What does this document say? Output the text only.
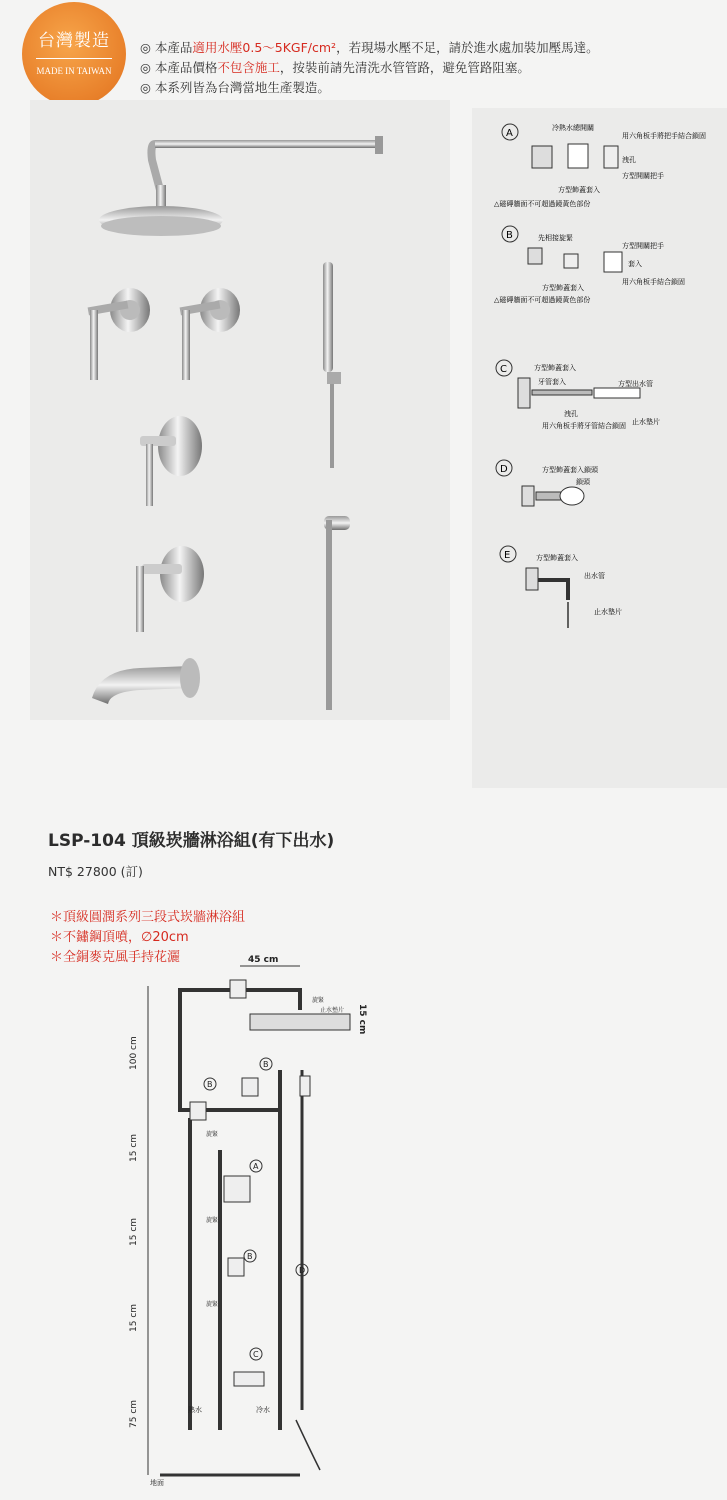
台灣製造
MADE IN TAIWAN
◎ 本產品適用水壓0.5～5KGF/cm²，若現場水壓不足，請於進水處加裝加壓馬達。
◎ 本產品價格不包含施工，按裝前請先清洗水管管路，避免管路阻塞。
◎ 本系列皆為台灣當地生產製造。
A	冷熱水總開關
用六角板手將把手結合鎖固
洩孔
方型開關把手
方型飾蓋套入
△磁磚牆面不可超過鏡黃色部份
B	先相接旋緊
方型開關把手
套入
用六角板手結合鎖固
方型飾蓋套入
△磁磚牆面不可超過鏡黃色部份
C	方型飾蓋套入
牙管套入	方型出水管
洩孔
止水墊片
用六角板手將牙管結合鎖固
D	方型飾蓋套入鎖頭
鎖頭
E	方型飾蓋套入
出水管
止水墊片
LSP-104 頂級崁牆淋浴組(有下出水)
NT$ 27800 (訂)
＊頂級圓潤系列三段式崁牆淋浴組
＊不鏽鋼頂噴，∅20cm
＊全銅麥克風手持花灑	45 cm
旋緊
止水墊片 15 cm
100 cm
15 cm
15 cm
15 cm
75 cm
B
B
A
B
D
C
旋緊
旋緊
旋緊
熱水	冷水
地面
